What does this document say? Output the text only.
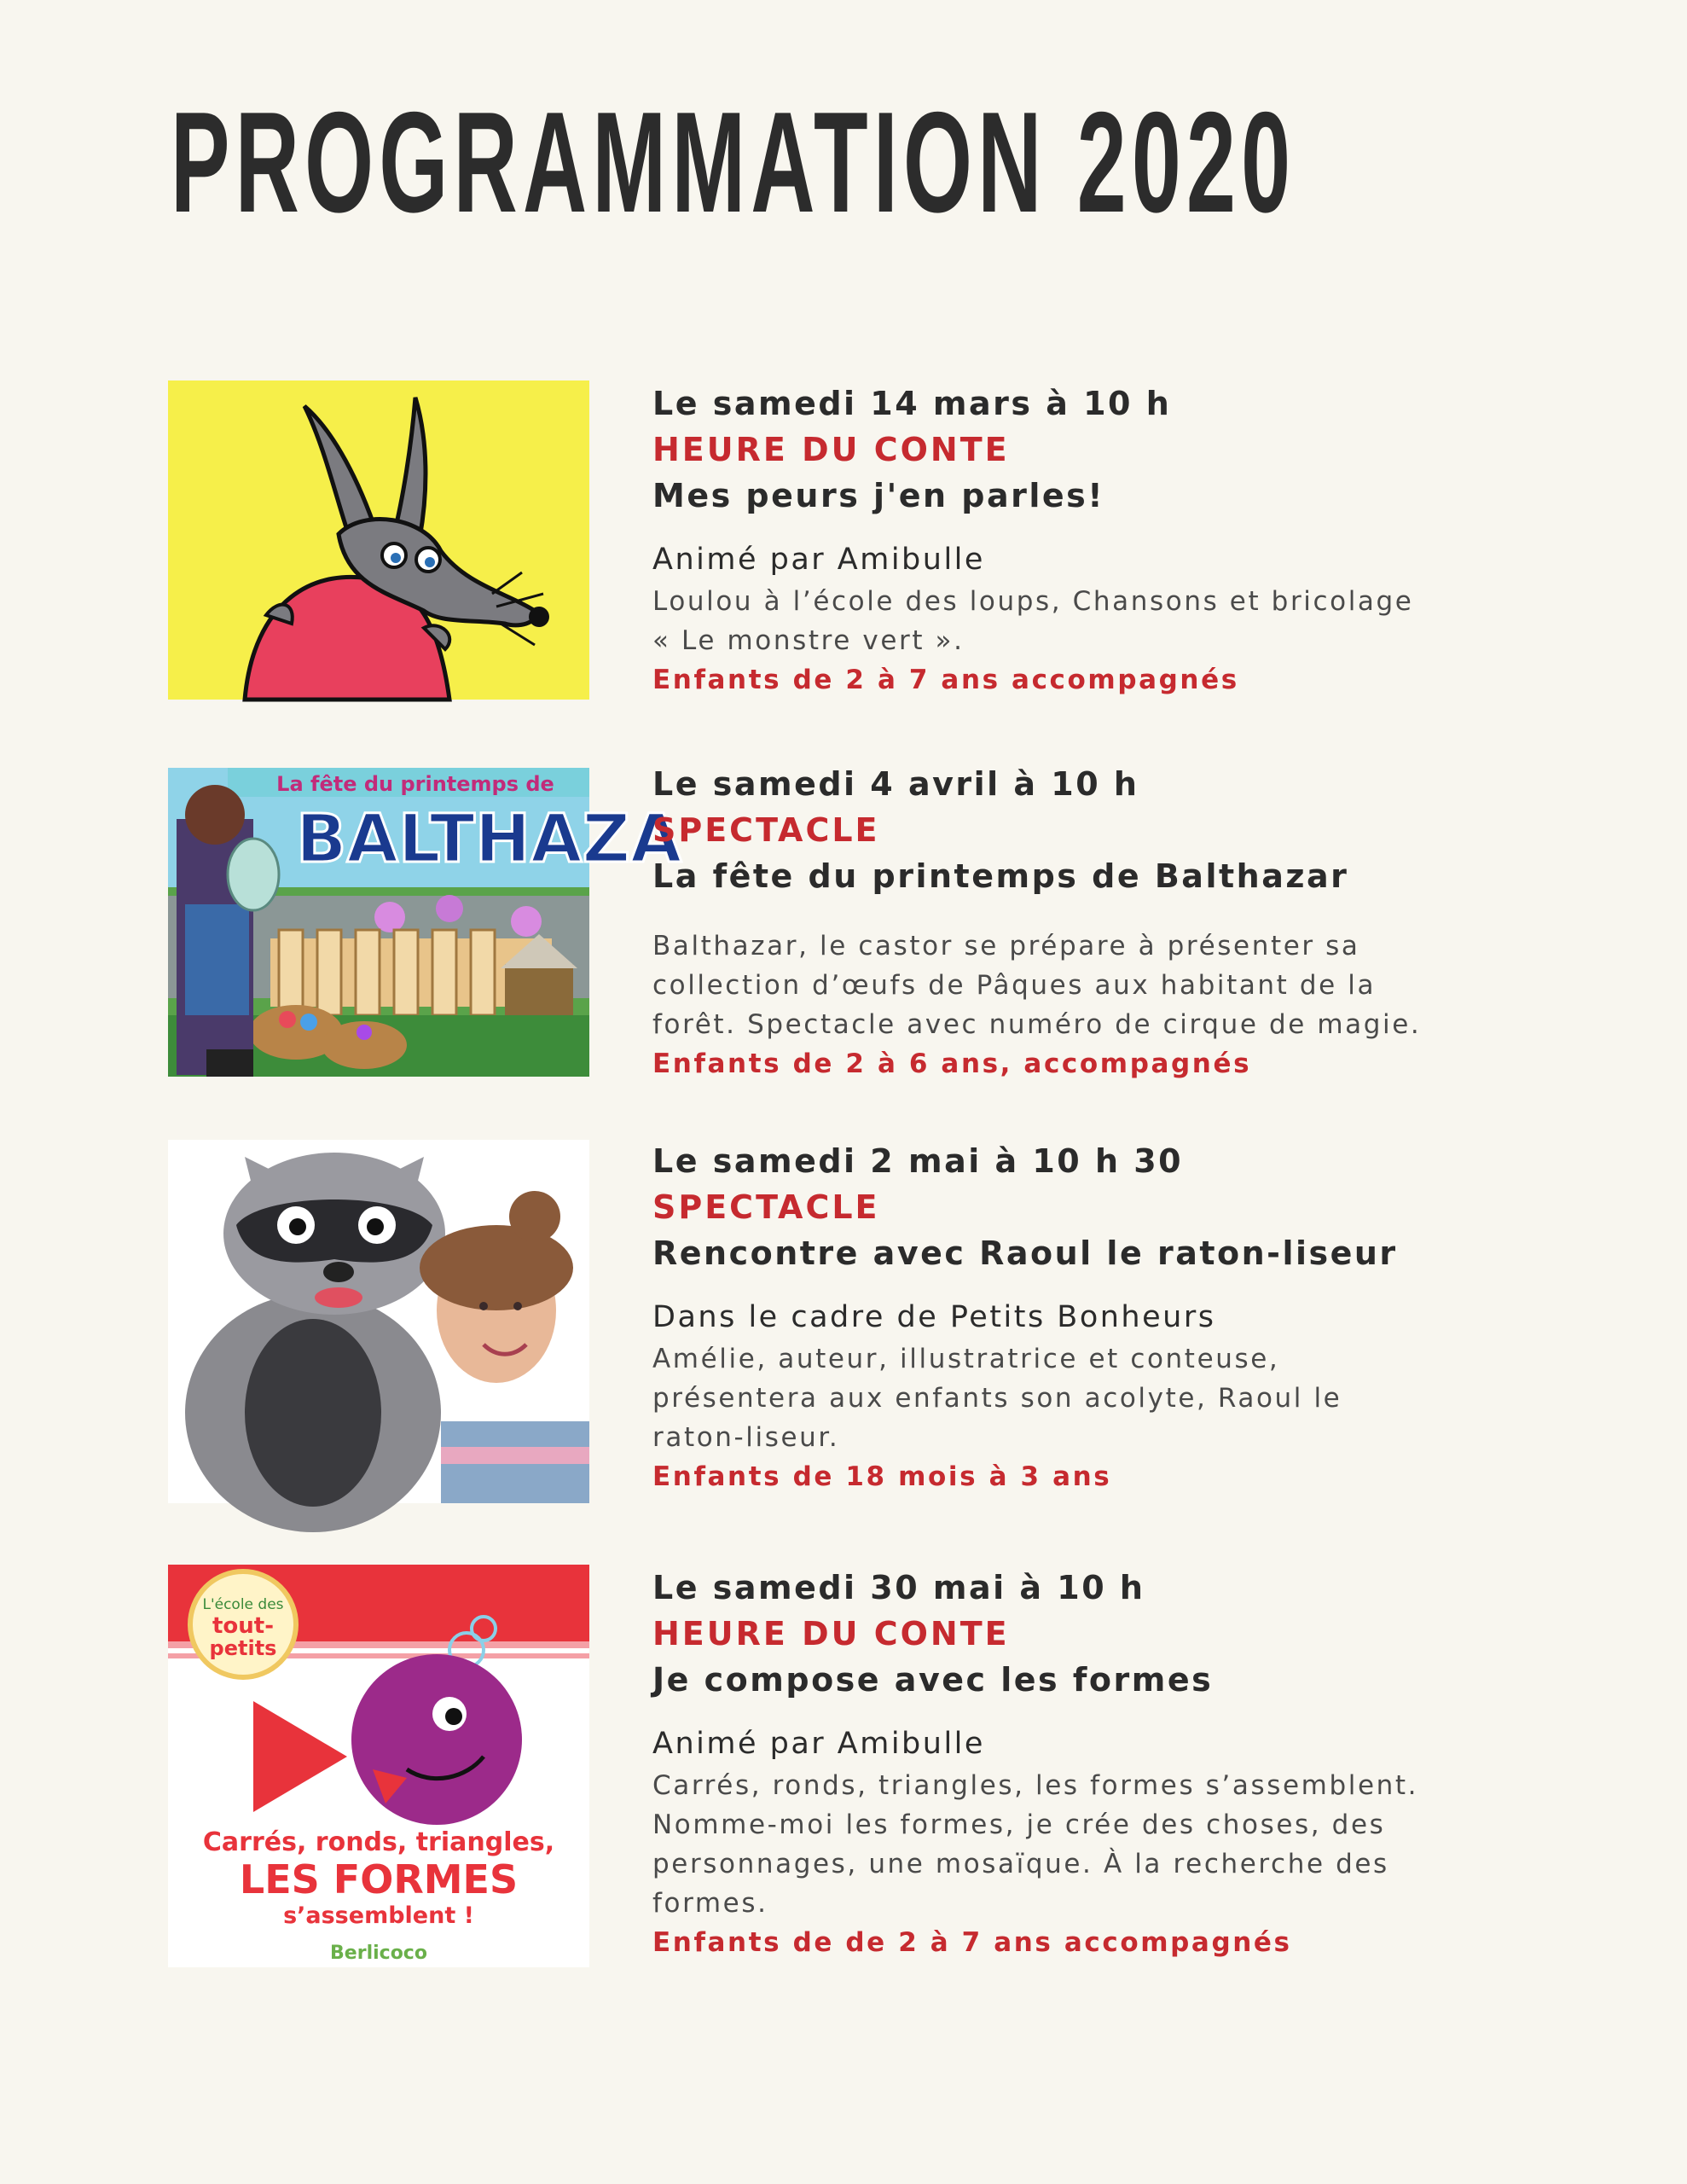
PROGRAMMATION 2020
Le samedi 14 mars à 10 h
HEURE DU CONTE
Mes peurs j'en parles!
Animé par Amibulle
Loulou à l’école des loups, Chansons et bricolage
« Le monstre vert ».
Enfants de 2 à 7 ans accompagnés
La fête du printemps de
BALTHAZA
Le samedi 4 avril à 10 h
SPECTACLE
La fête du printemps de Balthazar
Balthazar, le castor se prépare à présenter sa
collection d’œufs de Pâques aux habitant de la
forêt. Spectacle avec numéro de cirque de magie.
Enfants de 2 à 6 ans, accompagnés
Le samedi 2 mai à 10 h 30
SPECTACLE
Rencontre avec Raoul le raton-liseur
Dans le cadre de Petits Bonheurs
Amélie, auteur, illustratrice et conteuse,
présentera aux enfants son acolyte, Raoul le
raton-liseur.
Enfants de 18 mois à 3 ans
L'école des
tout-
petits
Carrés, ronds, triangles,
LES FORMES
s’assemblent !
Berlicoco
Le samedi 30 mai à 10 h
HEURE DU CONTE
Je compose avec les formes
Animé par Amibulle
Carrés, ronds, triangles, les formes s’assemblent.
Nomme-moi les formes, je crée des choses, des
personnages, une mosaïque. À la recherche des
formes.
Enfants de de 2 à 7 ans accompagnés
